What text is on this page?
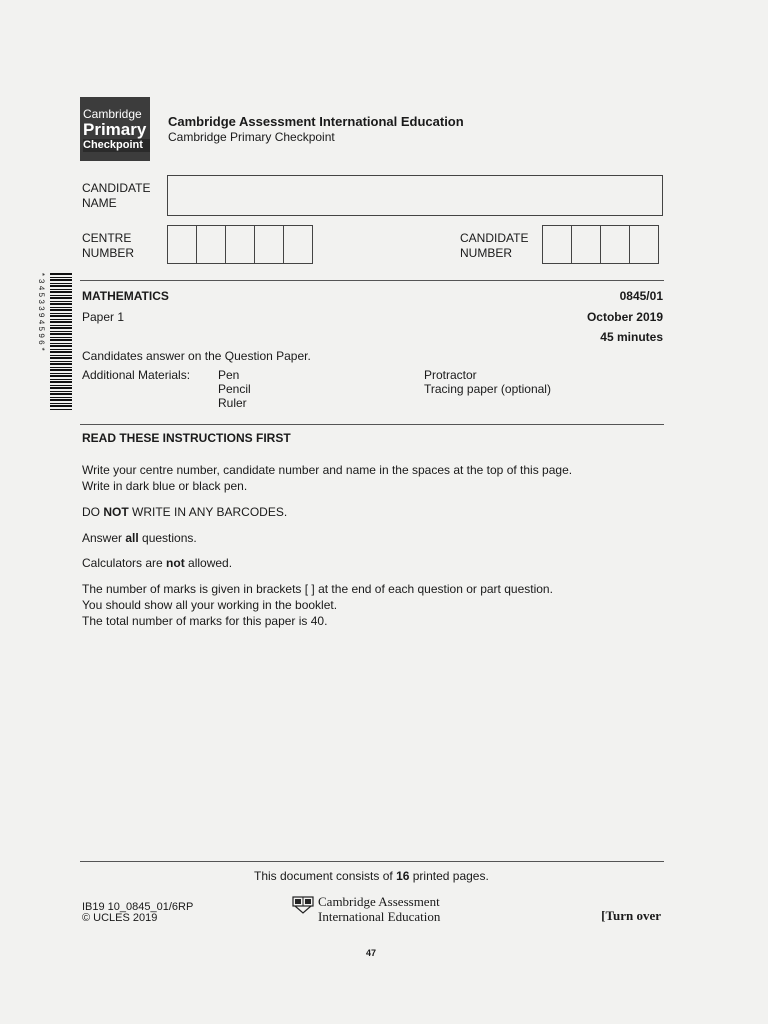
Cambridge
Primary
Checkpoint
Cambridge Assessment International Education
Cambridge Primary Checkpoint
CANDIDATE
NAME
CENTRE
NUMBER
CANDIDATE
NUMBER
*3453394596*	MATHEMATICS
Paper 1
0845/01
October 2019
45 minutes
Candidates answer on the Question Paper.
Additional Materials: Pen
Pencil
Ruler
Protractor
Tracing paper (optional)
READ THESE INSTRUCTIONS FIRST
Write your centre number, candidate number and name in the spaces at the top of this page.
Write in dark blue or black pen.
DO NOT WRITE IN ANY BARCODES.
Answer all questions.
Calculators are not allowed.
The number of marks is given in brackets [ ] at the end of each question or part question.
You should show all your working in the booklet.
The total number of marks for this paper is 40.
This document consists of 16 printed pages.
IB19 10_0845_01/6RP
© UCLES 2019
Cambridge Assessment
International Education	[Turn over
47
